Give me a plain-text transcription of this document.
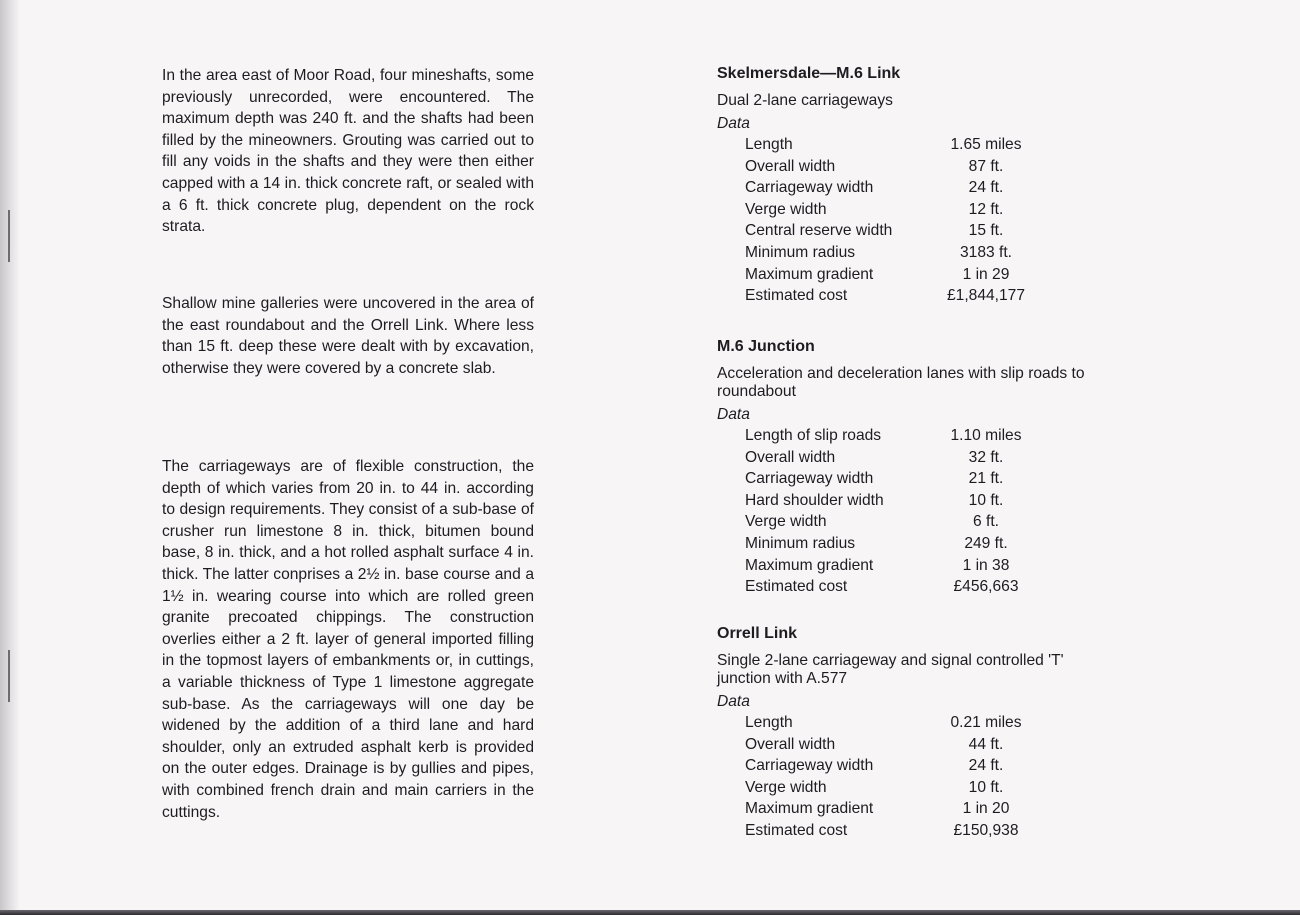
In the area east of Moor Road, four mineshafts, some previously unrecorded, were encountered. The maximum depth was 240 ft. and the shafts had been filled by the mineowners. Grouting was carried out to fill any voids in the shafts and they were then either capped with a 14 in. thick concrete raft, or sealed with a 6 ft. thick concrete plug, dependent on the rock strata.

Shallow mine galleries were uncovered in the area of the east roundabout and the Orrell Link. Where less than 15 ft. deep these were dealt with by excavation, otherwise they were covered by a concrete slab.

The carriageways are of flexible construction, the depth of which varies from 20 in. to 44 in. according to design requirements. They consist of a sub-base of crusher run limestone 8 in. thick, bitumen bound base, 8 in. thick, and a hot rolled asphalt surface 4 in. thick. The latter conprises a 2½ in. base course and a 1½ in. wearing course into which are rolled green granite precoated chippings. The construction overlies either a 2 ft. layer of general imported filling in the topmost layers of embankments or, in cuttings, a variable thickness of Type 1 limestone aggregate sub-base. As the carriageways will one day be widened by the addition of a third lane and hard shoulder, only an extruded asphalt kerb is provided on the outer edges. Drainage is by gullies and pipes, with combined french drain and main carriers in the cuttings.

Skelmersdale—M.6 Link

Dual 2-lane carriageways

Data

Length	1.65 miles
Overall width	87 ft.
Carriageway width	24 ft.
Verge width	12 ft.
Central reserve width	15 ft.
Minimum radius	3183 ft.
Maximum gradient	1 in 29
Estimated cost	£1,844,177
M.6 Junction

Acceleration and deceleration lanes with slip roads to roundabout

Data

Length of slip roads	1.10 miles
Overall width	32 ft.
Carriageway width	21 ft.
Hard shoulder width	10 ft.
Verge width	6 ft.
Minimum radius	249 ft.
Maximum gradient	1 in 38
Estimated cost	£456,663
Orrell Link

Single 2-lane carriageway and signal controlled 'T' junction with A.577

Data

Length	0.21 miles
Overall width	44 ft.
Carriageway width	24 ft.
Verge width	10 ft.
Maximum gradient	1 in 20
Estimated cost	£150,938
